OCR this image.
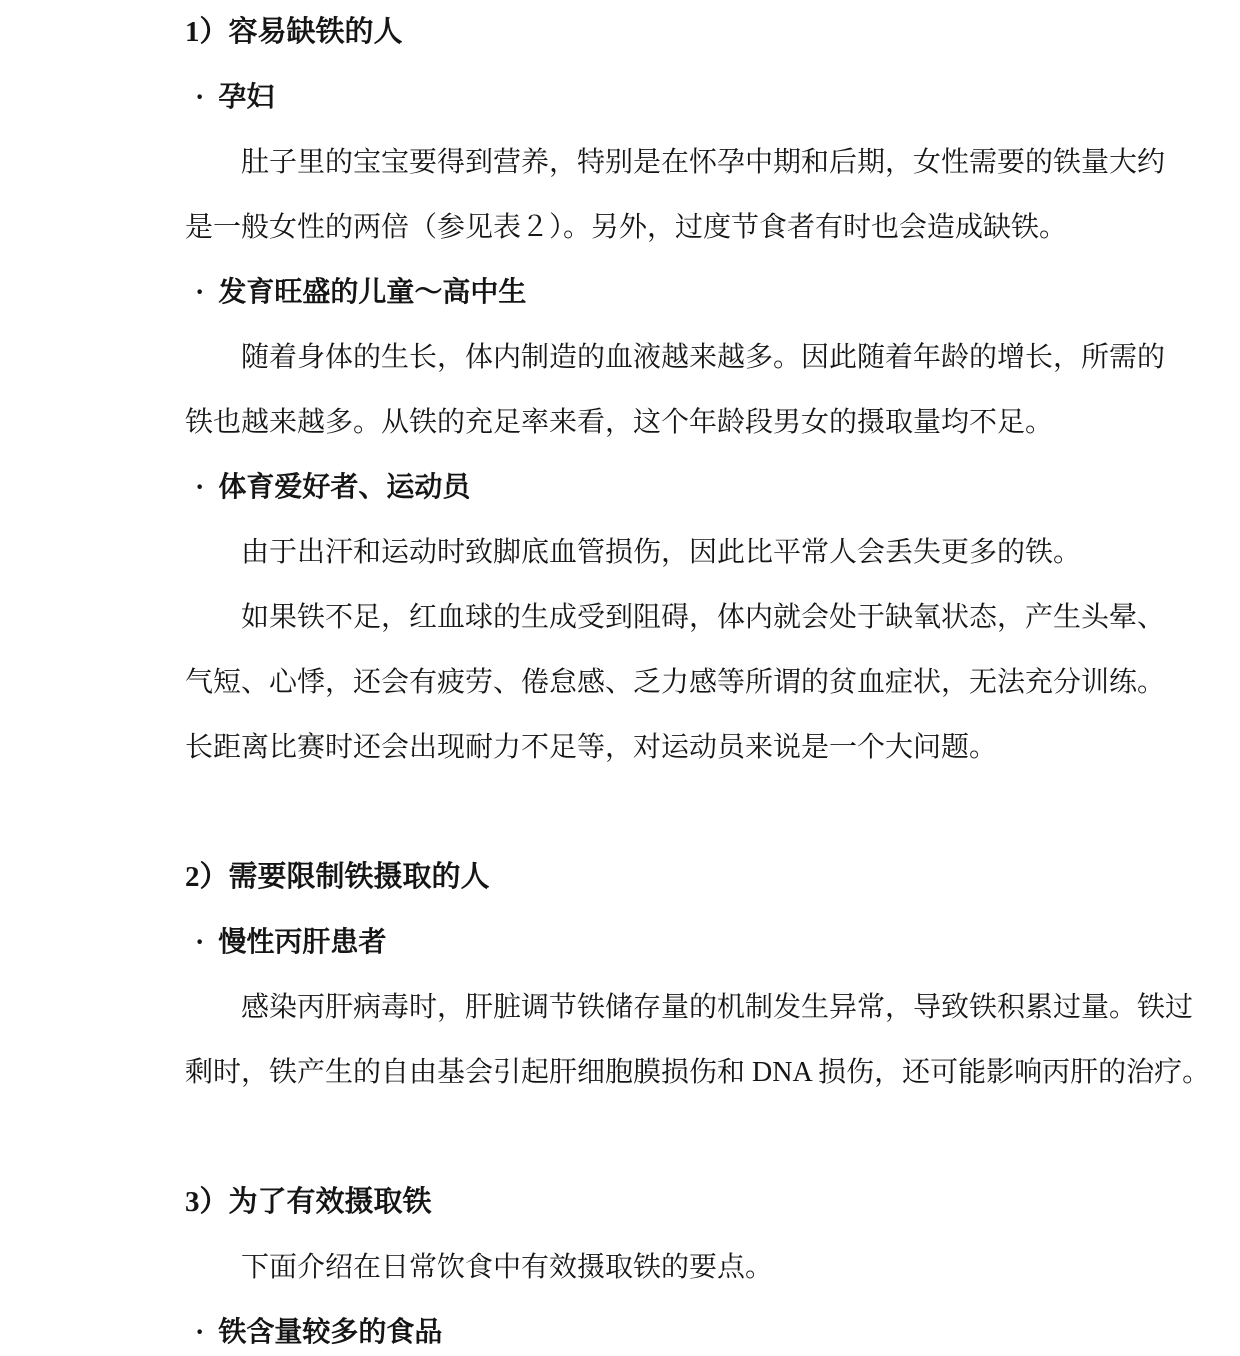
1）容易缺铁的人
· 孕妇
肚子里的宝宝要得到营养，特别是在怀孕中期和后期，女性需要的铁量大约
是一般女性的两倍（参见表２）。另外，过度节食者有时也会造成缺铁。
· 发育旺盛的儿童～高中生
随着身体的生长，体内制造的血液越来越多。因此随着年龄的增长，所需的
铁也越来越多。从铁的充足率来看，这个年龄段男女的摄取量均不足。
· 体育爱好者、运动员
由于出汗和运动时致脚底血管损伤，因此比平常人会丢失更多的铁。
如果铁不足，红血球的生成受到阻碍，体内就会处于缺氧状态，产生头晕、
气短、心悸，还会有疲劳、倦怠感、乏力感等所谓的贫血症状，无法充分训练。
长距离比赛时还会出现耐力不足等，对运动员来说是一个大问题。
2）需要限制铁摄取的人
· 慢性丙肝患者
感染丙肝病毒时，肝脏调节铁储存量的机制发生异常，导致铁积累过量。铁过
剩时，铁产生的自由基会引起肝细胞膜损伤和 DNA 损伤，还可能影响丙肝的治疗。
3）为了有效摄取铁
下面介绍在日常饮食中有效摄取铁的要点。
· 铁含量较多的食品
